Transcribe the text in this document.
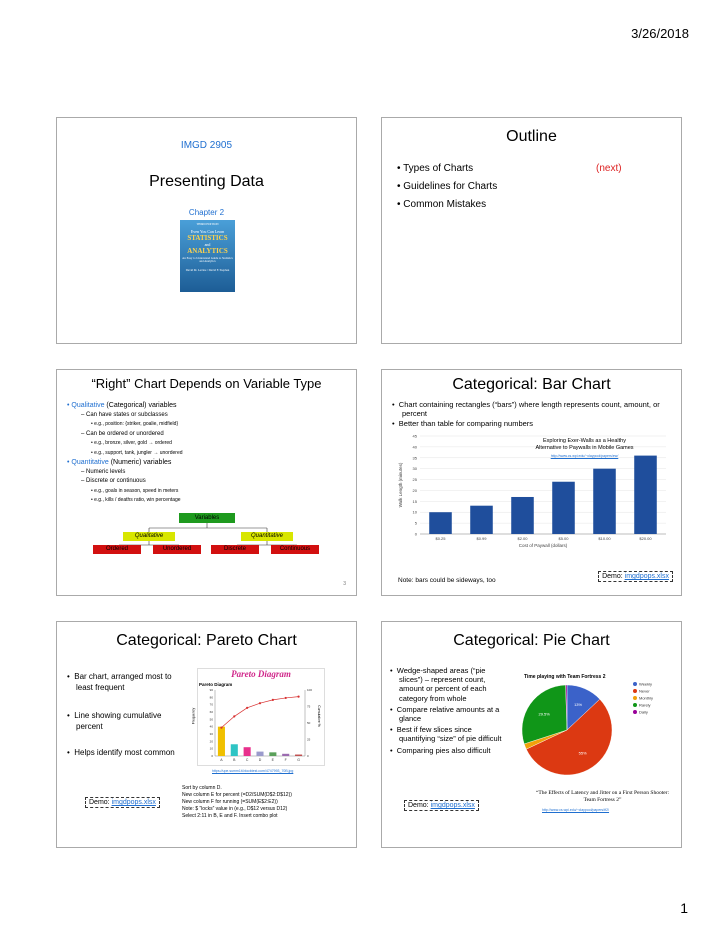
3/26/2018
IMGD 2905
Presenting Data
Chapter 2
THIRD EDITION
Even You Can Learn
STATISTICS
and
ANALYTICS
An Easy to Understand Guide to Statistics and Analytics
David M. Levine / David F. Stephan
Outline
• Types of Charts
• Guidelines for Charts
• Common Mistakes
(next)
“Right” Chart Depends on Variable Type
• Qualitative (Categorical) variables
– Can have states or subclasses
• e.g., position: {striker, goalie, midfield}
– Can be ordered or unordered
• e.g., bronze, silver, gold → ordered
• e.g., support, tank, jungler → unordered
• Quantitative (Numeric) variables
– Numeric levels
– Discrete or continuous
• e.g., goals in season, speed in meters
• e.g., kills / deaths ratio, win percentage
Variables
Qualitative	Quantitative
Ordered	Unordered	Discrete	Continuous
3
Categorical: Bar Chart
•  Chart containing rectangles (“bars”) where length represents count, amount, or percent
•  Better than table for comparing numbers
0
5
10
15
20
25
30
35
40
45
$0.25	$0.99	$2.00	$5.00	$10.00	$20.00
Cost of Paywall (dollars)
Walk Length (minutes)
Exploring Exer-Walls as a Healthy Alternative to Paywalls in Mobile Games
http://www.cs.wpi.edu/~claypool/papers/ew/
Note: bars could be sideways, too
Demo: imgdpops.xlsx
Categorical: Pareto Chart
•  Bar chart, arranged most to least frequent
•  Line showing cumulative percent
•  Helps identify most common
Pareto Diagram
Pareto Diagram
Frequency	Cumulative %
0
10
20
30
40
50
60
70
80
90
0
25
50
75
100
A	B	C	D	E	F	G
https://upe.summ1it.blocktest.com/4747993_70B.jpg
Sort by column D.
New column E for percent (=D2/SUM(D$2:D$12))
New column F for running (=SUM(E$2:E2))
Note: $ “locks” value in (e.g., D$12 versus D12)
Select 2:11 in B, E and F. Insert combo plot
Demo: imgdpops.xlsx
Categorical: Pie Chart
•  Wedge-shaped areas (“pie slices”) – represent count, amount or percent of each category from whole
•  Compare relative amounts at a glance
•  Best if few slices since quantifying “size” of pie difficult
•  Comparing pies also difficult
Time playing with Team Fortress 2
13%
55%
29.5%
Weekly
Never
Monthly
Rarely
Daily
“The Effects of Latency and Jitter on a First Person Shooter: Team Fortress 2”
http://www.cs.wpi.edu/~claypool/papers/tf2/
Demo: imgdpops.xlsx
1
